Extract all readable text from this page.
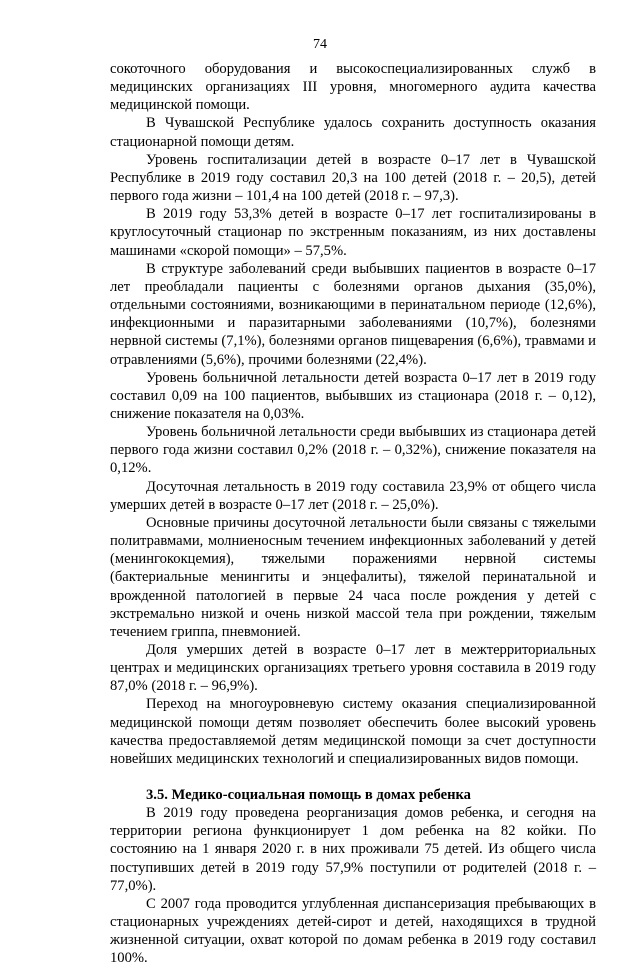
74

сокоточного оборудования и высокоспециализированных служб в медицинских организациях III уровня, многомерного аудита качества медицинской помощи.

В Чувашской Республике удалось сохранить доступность оказания стационарной помощи детям.

Уровень госпитализации детей в возрасте 0–17 лет в Чувашской Республике в 2019 году составил 20,3 на 100 детей (2018 г. – 20,5), детей первого года жизни – 101,4 на 100 детей (2018 г. – 97,3).

В 2019 году 53,3% детей в возрасте 0–17 лет госпитализированы в круглосуточный стационар по экстренным показаниям, из них доставлены машинами «скорой помощи» – 57,5%.

В структуре заболеваний среди выбывших пациентов в возрасте 0–17 лет преобладали пациенты с болезнями органов дыхания (35,0%), отдельными состояниями, возникающими в перинатальном периоде (12,6%), инфекционными и паразитарными заболеваниями (10,7%), болезнями нервной системы (7,1%), болезнями органов пищеварения (6,6%), травмами и отравлениями (5,6%), прочими болезнями (22,4%).

Уровень больничной летальности детей возраста 0–17 лет в 2019 году составил 0,09 на 100 пациентов, выбывших из стационара (2018 г. – 0,12), снижение показателя на 0,03%.

Уровень больничной летальности среди выбывших из стационара детей первого года жизни составил 0,2% (2018 г. – 0,32%), снижение показателя на 0,12%.

Досуточная летальность в 2019 году составила 23,9% от общего числа умерших детей в возрасте 0–17 лет (2018 г. – 25,0%).

Основные причины досуточной летальности были связаны с тяжелыми политравмами, молниеносным течением инфекционных заболеваний у детей (менингококцемия), тяжелыми поражениями нервной системы (бактериальные менингиты и энцефалиты), тяжелой перинатальной и врожденной патологией в первые 24 часа после рождения у детей с экстремально низкой и очень низкой массой тела при рождении, тяжелым течением гриппа, пневмонией.

Доля умерших детей в возрасте 0–17 лет в межтерриториальных центрах и медицинских организациях третьего уровня составила в 2019 году 87,0% (2018 г. – 96,9%).

Переход на многоуровневую систему оказания специализированной медицинской помощи детям позволяет обеспечить более высокий уровень качества предоставляемой детям медицинской помощи за счет доступности новейших медицинских технологий и специализированных видов помощи.

3.5. Медико-социальная помощь в домах ребенка

В 2019 году проведена реорганизация домов ребенка, и сегодня на территории региона функционирует 1 дом ребенка на 82 койки. По состоянию на 1 января 2020 г. в них проживали 75 детей. Из общего числа поступивших детей в 2019 году 57,9% поступили от родителей (2018 г. – 77,0%).

С 2007 года проводится углубленная диспансеризация пребывающих в стационарных учреждениях детей-сирот и детей, находящихся в трудной жизненной ситуации, охват которой по домам ребенка в 2019 году составил 100%.
